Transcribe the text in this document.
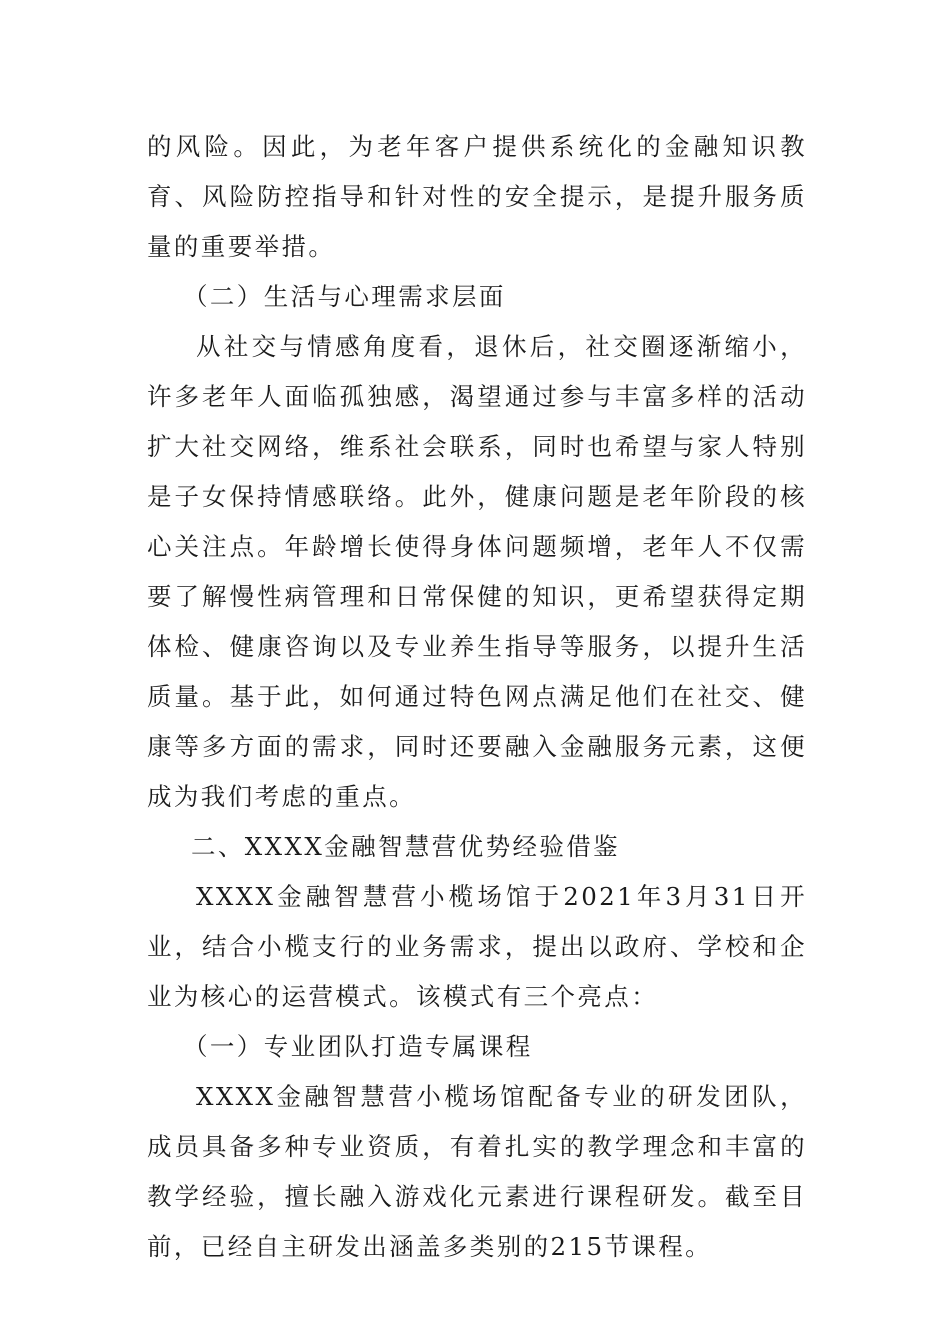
的风险。因此，为老年客户提供系统化的金融知识教育、风险防控指导和针对性的安全提示，是提升服务质量的重要举措。

（二）生活与心理需求层面

从社交与情感角度看，退休后，社交圈逐渐缩小，许多老年人面临孤独感，渴望通过参与丰富多样的活动扩大社交网络，维系社会联系，同时也希望与家人特别是子女保持情感联络。此外，健康问题是老年阶段的核心关注点。年龄增长使得身体问题频增，老年人不仅需要了解慢性病管理和日常保健的知识，更希望获得定期体检、健康咨询以及专业养生指导等服务，以提升生活质量。基于此，如何通过特色网点满足他们在社交、健康等多方面的需求，同时还要融入金融服务元素，这便成为我们考虑的重点。

二、XXXX金融智慧营优势经验借鉴

XXXX金融智慧营小榄场馆于2021年3月31日开业，结合小榄支行的业务需求，提出以政府、学校和企业为核心的运营模式。该模式有三个亮点：

（一）专业团队打造专属课程

XXXX金融智慧营小榄场馆配备专业的研发团队，成员具备多种专业资质，有着扎实的教学理念和丰富的教学经验，擅长融入游戏化元素进行课程研发。截至目前，已经自主研发出涵盖多类别的215节课程。
